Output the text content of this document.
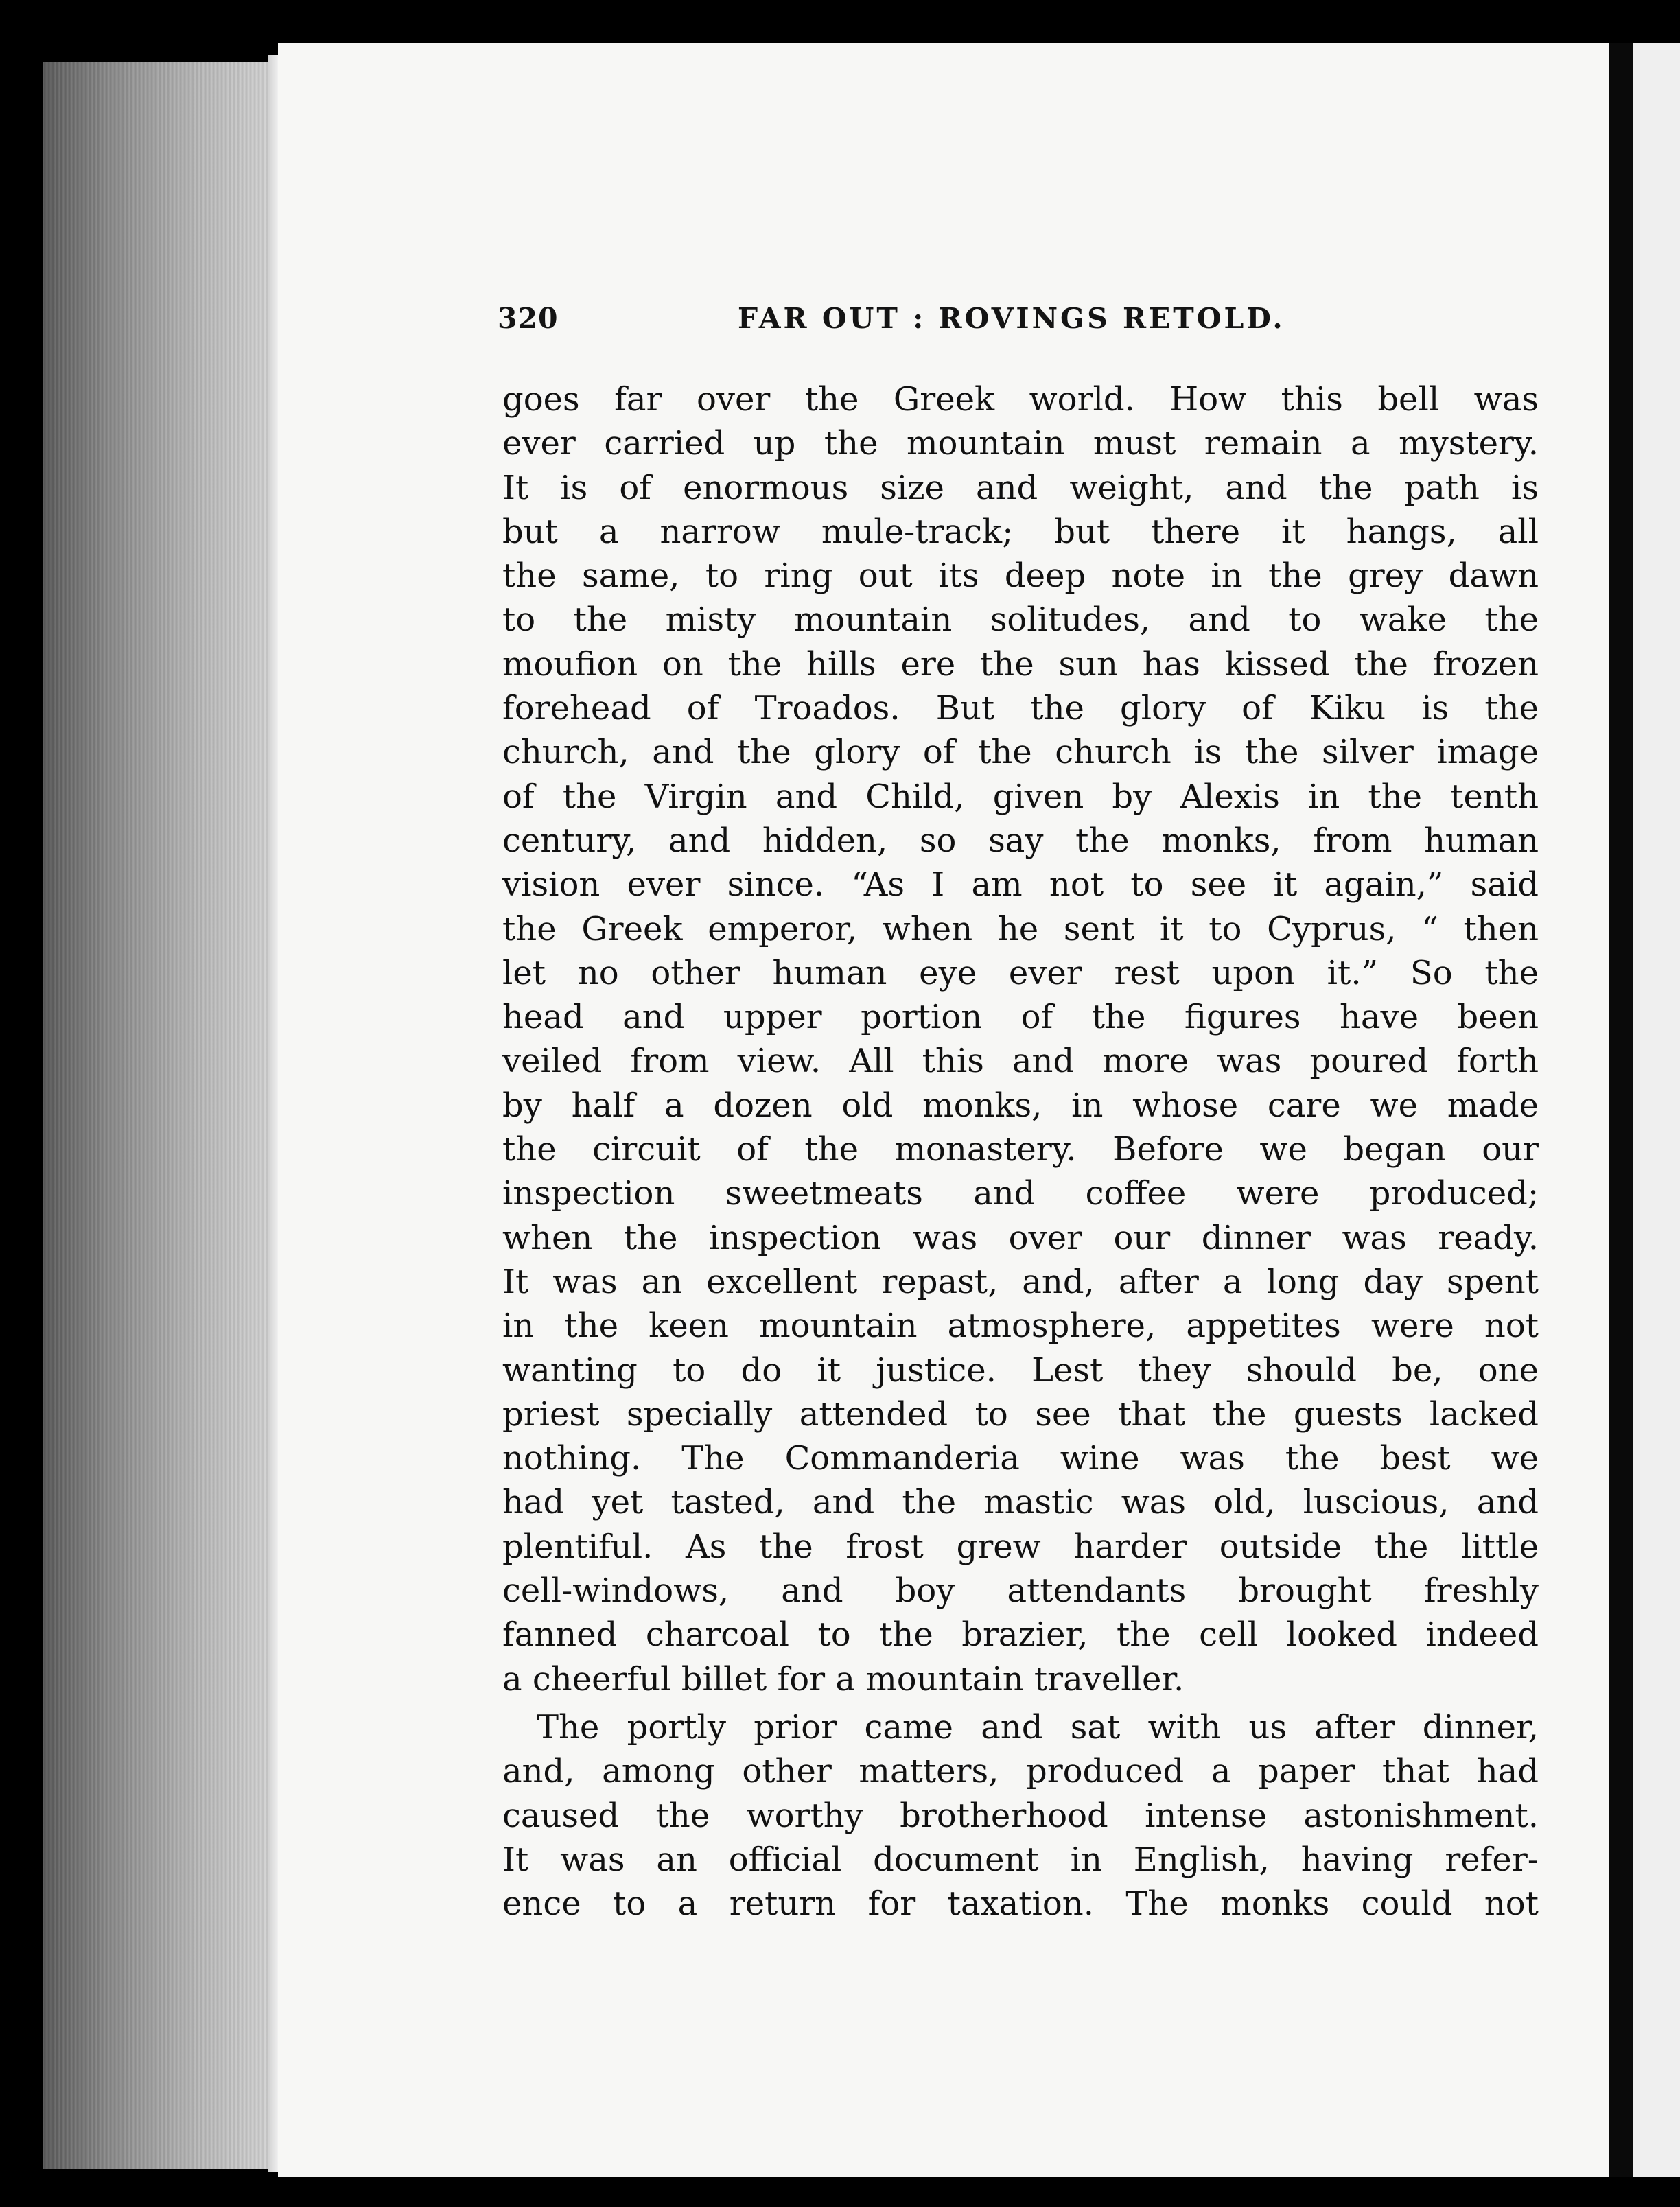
320	FAR OUT : ROVINGS RETOLD.
goes far over the Greek world. How this bell was
ever carried up the mountain must remain a mystery.
It is of enormous size and weight, and the path is
but a narrow mule-track; but there it hangs, all
the same, to ring out its deep note in the grey dawn
to the misty mountain solitudes, and to wake the
moufion on the hills ere the sun has kissed the frozen
forehead of Troados. But the glory of Kiku is the
church, and the glory of the church is the silver image
of the Virgin and Child, given by Alexis in the tenth
century, and hidden, so say the monks, from human
vision ever since. “As I am not to see it again,” said
the Greek emperor, when he sent it to Cyprus, “ then
let no other human eye ever rest upon it.” So the
head and upper portion of the figures have been
veiled from view. All this and more was poured forth
by half a dozen old monks, in whose care we made
the circuit of the monastery. Before we began our
inspection sweetmeats and coffee were produced;
when the inspection was over our dinner was ready.
It was an excellent repast, and, after a long day spent
in the keen mountain atmosphere, appetites were not
wanting to do it justice. Lest they should be, one
priest specially attended to see that the guests lacked
nothing. The Commanderia wine was the best we
had yet tasted, and the mastic was old, luscious, and
plentiful. As the frost grew harder outside the little
cell-windows, and boy attendants brought freshly
fanned charcoal to the brazier, the cell looked indeed
a cheerful billet for a mountain traveller.
The portly prior came and sat with us after dinner,
and, among other matters, produced a paper that had
caused the worthy brotherhood intense astonishment.
It was an official document in English, having refer-
ence to a return for taxation. The monks could not
